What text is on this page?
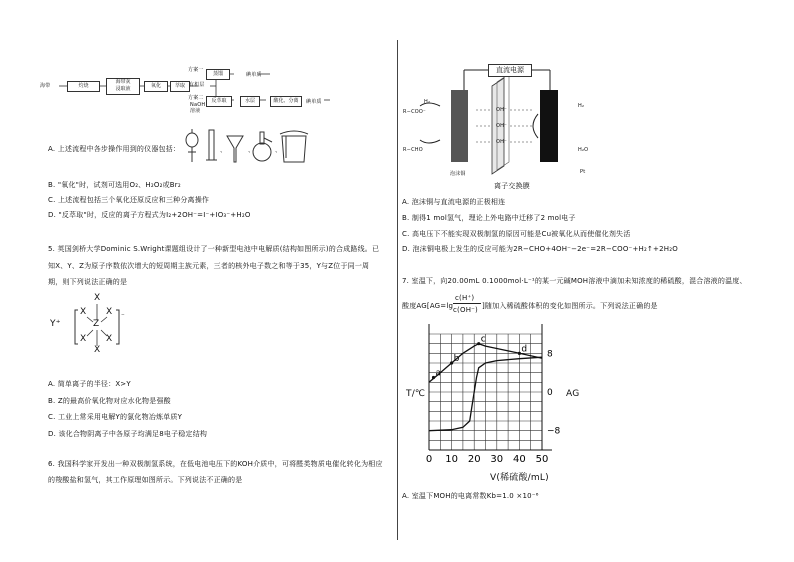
海带	灼烧
海带灰
浸取液	氧化	萃取 有机层
方案一
蒸馏	碘单质
方案二
NaOH
溶液
反萃取	水层	酸化、分离	碘单质
A. 上述流程中各步操作用到的仪器包括：	、	、	、
B. "氧化"时，试剂可选用O₂、H₂O₂或Br₂
C. 上述流程包括三个氧化还原反应和三种分离操作
D. "反萃取"时，反应的离子方程式为I₂+2OH⁻=I⁻+IO₃⁻+H₂O
5. 英国剑桥大学Dominic S.Wright课题组设计了一种新型电池中电解质(结构如图所示)的合成路线。已
知X、Y、Z为原子序数依次增大的短周期主族元素，三者的核外电子数之和等于35，Y与Z位于同一周
期，则下列说法正确的是
X
X X
Z
X X
X
Y⁺
⁻
A. 简单离子的半径：X>Y
B. Z的最高价氧化物对应水化物是强酸
C. 工业上常采用电解Y的氯化物冶炼单质Y
D. 该化合物阴离子中各原子均满足8电子稳定结构
6. 我国科学家开发出一种双极制氢系统，在低电池电压下的KOH介质中，可将醛类物质电催化转化为相应
的羧酸盐和氢气，其工作原理如图所示。下列说法不正确的是
直流电源
H₂
R−COO⁻
R−CHO
OH⁻
OH⁻
OH⁻
H₂
H₂O
泡沫铜
离子交换膜
Pt
A. 泡沫铜与直流电源的正极相连
B. 制得1 mol氢气，理论上外电路中迁移了2 mol电子
C. 高电压下不能实现双极制氢的原因可能是Cu被氧化从而使催化剂失活
D. 泡沫铜电极上发生的反应可能为2R−CHO+4OH⁻−2e⁻=2R−COO⁻+H₂↑+2H₂O
7. 室温下，向20.00mL 0.1000mol·L⁻¹的某一元碱MOH溶液中滴加未知浓度的稀硫酸，混合溶液的温度、
酸度AG[AG=lg
c(H⁺)
c(OH⁻) ]随加入稀硫酸体积的变化如图所示。下列说法正确的是
0 10 20 30 40 50
8
0
−8
a
b
c
d
T/℃	AG
V(稀硫酸/mL)
A. 室温下MOH的电离常数Kb=1.0 ×10⁻⁶
